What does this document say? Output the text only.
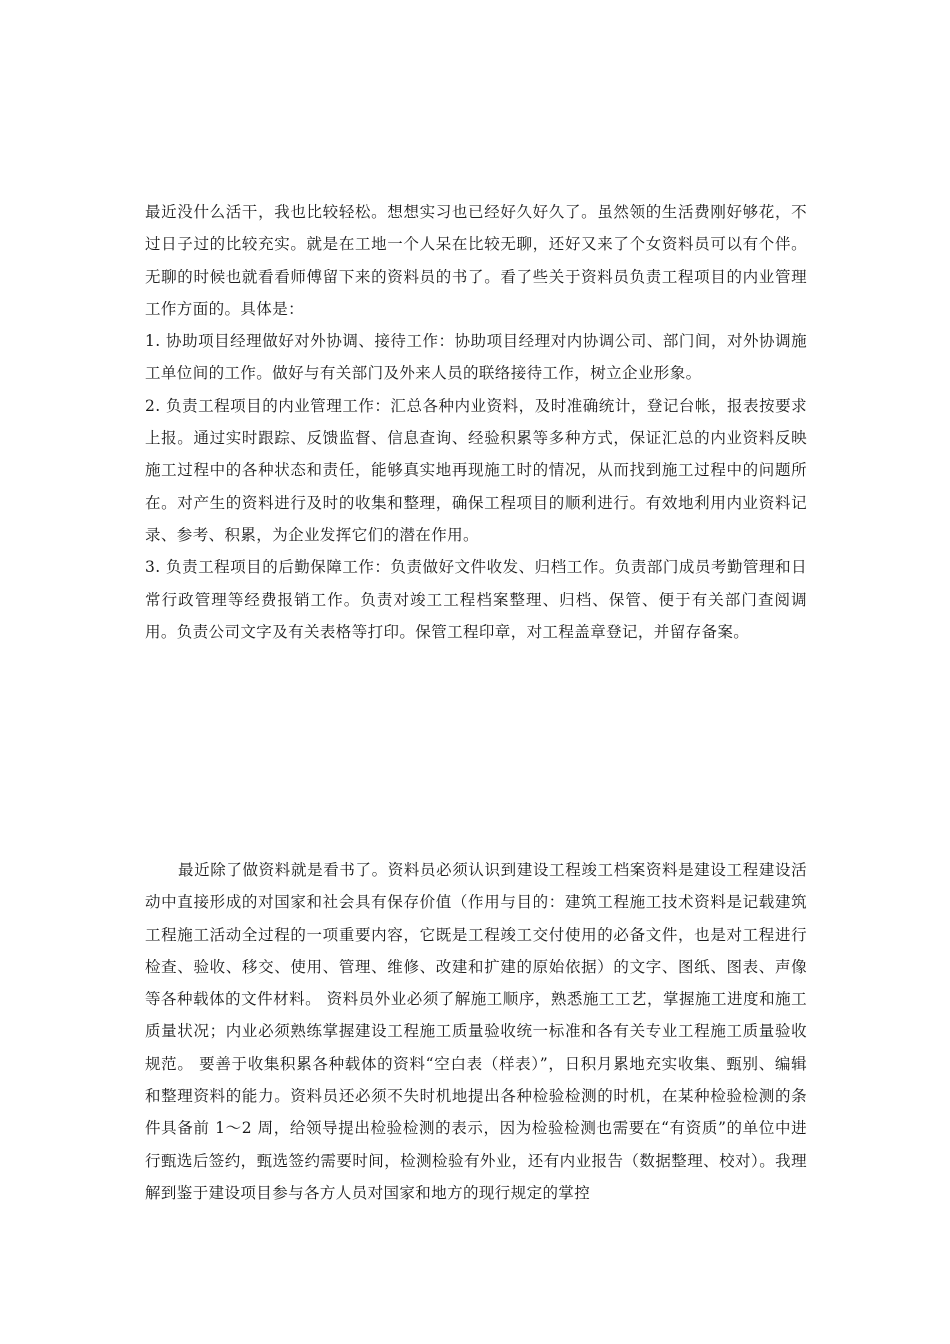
最近没什么活干，我也比较轻松。想想实习也已经好久好久了。虽然领的生活费刚好够花，不过日子过的比较充实。就是在工地一个人呆在比较无聊，还好又来了个女资料员可以有个伴。无聊的时候也就看看师傅留下来的资料员的书了。看了些关于资料员负责工程项目的内业管理工作方面的。具体是：

1. 协助项目经理做好对外协调、接待工作：协助项目经理对内协调公司、部门间，对外协调施工单位间的工作。做好与有关部门及外来人员的联络接待工作，树立企业形象。

2. 负责工程项目的内业管理工作：汇总各种内业资料，及时准确统计，登记台帐，报表按要求上报。通过实时跟踪、反馈监督、信息查询、经验积累等多种方式，保证汇总的内业资料反映施工过程中的各种状态和责任，能够真实地再现施工时的情况，从而找到施工过程中的问题所在。对产生的资料进行及时的收集和整理，确保工程项目的顺利进行。有效地利用内业资料记录、参考、积累，为企业发挥它们的潜在作用。

3. 负责工程项目的后勤保障工作：负责做好文件收发、归档工作。负责部门成员考勤管理和日常行政管理等经费报销工作。负责对竣工工程档案整理、归档、保管、便于有关部门查阅调用。负责公司文字及有关表格等打印。保管工程印章，对工程盖章登记，并留存备案。

最近除了做资料就是看书了。资料员必须认识到建设工程竣工档案资料是建设工程建设活动中直接形成的对国家和社会具有保存价值（作用与目的：建筑工程施工技术资料是记载建筑工程施工活动全过程的一项重要内容，它既是工程竣工交付使用的必备文件，也是对工程进行检查、验收、移交、使用、管理、维修、改建和扩建的原始依据）的文字、图纸、图表、声像等各种载体的文件材料。 资料员外业必须了解施工顺序，熟悉施工工艺，掌握施工进度和施工质量状况；内业必须熟练掌握建设工程施工质量验收统一标准和各有关专业工程施工质量验收规范。 要善于收集积累各种载体的资料“空白表（样表）”，日积月累地充实收集、甄别、编辑和整理资料的能力。资料员还必须不失时机地提出各种检验检测的时机，在某种检验检测的条件具备前 1～2 周，给领导提出检验检测的表示，因为检验检测也需要在“有资质”的单位中进行甄选后签约，甄选签约需要时间，检测检验有外业，还有内业报告（数据整理、校对）。我理解到鉴于建设项目参与各方人员对国家和地方的现行规定的掌控
